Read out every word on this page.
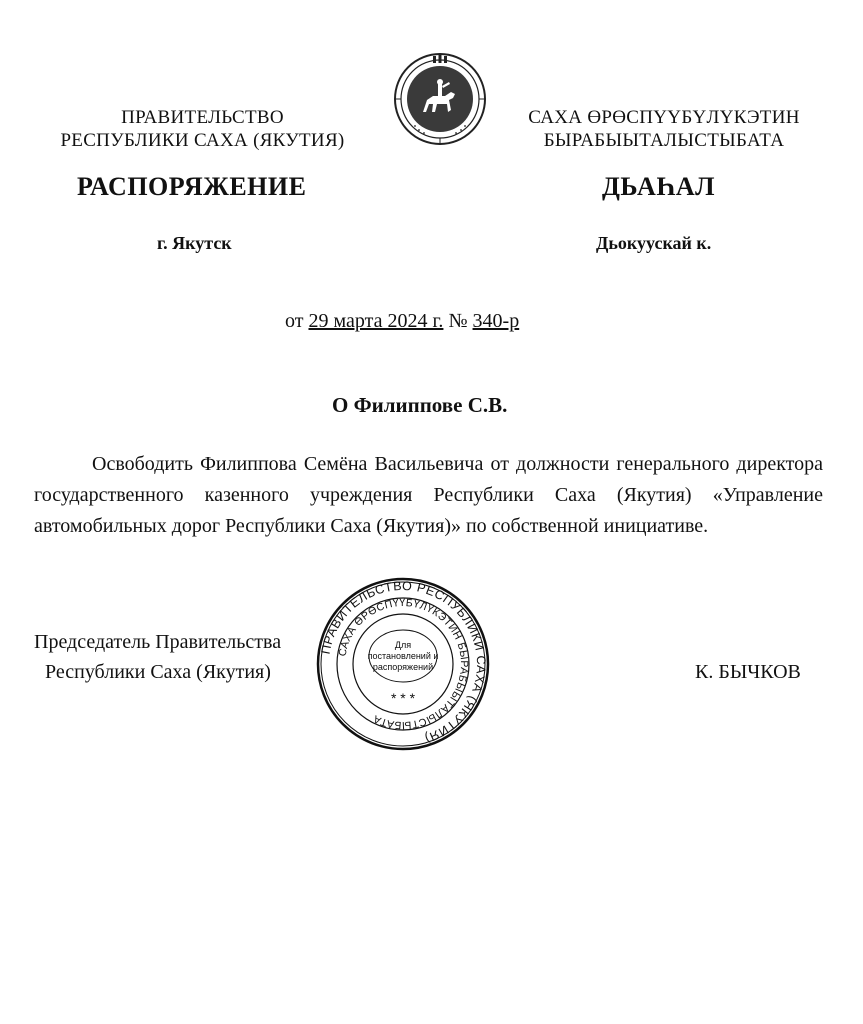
ПРАВИТЕЛЬСТВО
РЕСПУБЛИКИ САХА (ЯКУТИЯ)
САХА ӨРӨСПҮҮБҮЛҮКЭТИН
БЫРАБЫЫТАЛЫСТЫБАТА
РАСПОРЯЖЕНИЕ	ДЬАҺАЛ
г. Якутск	Дьокуускай к.
от 29 марта 2024 г. № 340-р
О Филиппове С.В.
Освободить Филиппова Семёна Васильевича от должности генерального директора государственного казенного учреждения Республики Саха (Якутия) «Управление автомобильных дорог Республики Саха (Якутия)» по собственной инициативе.
Председатель Правительства
Республики Саха (Якутия)	К. БЫЧКОВ
ПРАВИТЕЛЬСТВО РЕСПУБЛИКИ САХА (ЯКУТИЯ)
САХА ӨРӨСПҮҮБҮЛҮКЭТИН БЫРАБЫЫТАЛЫСТЫБАТА
Для
постановлений и
распоряжений
* * *
